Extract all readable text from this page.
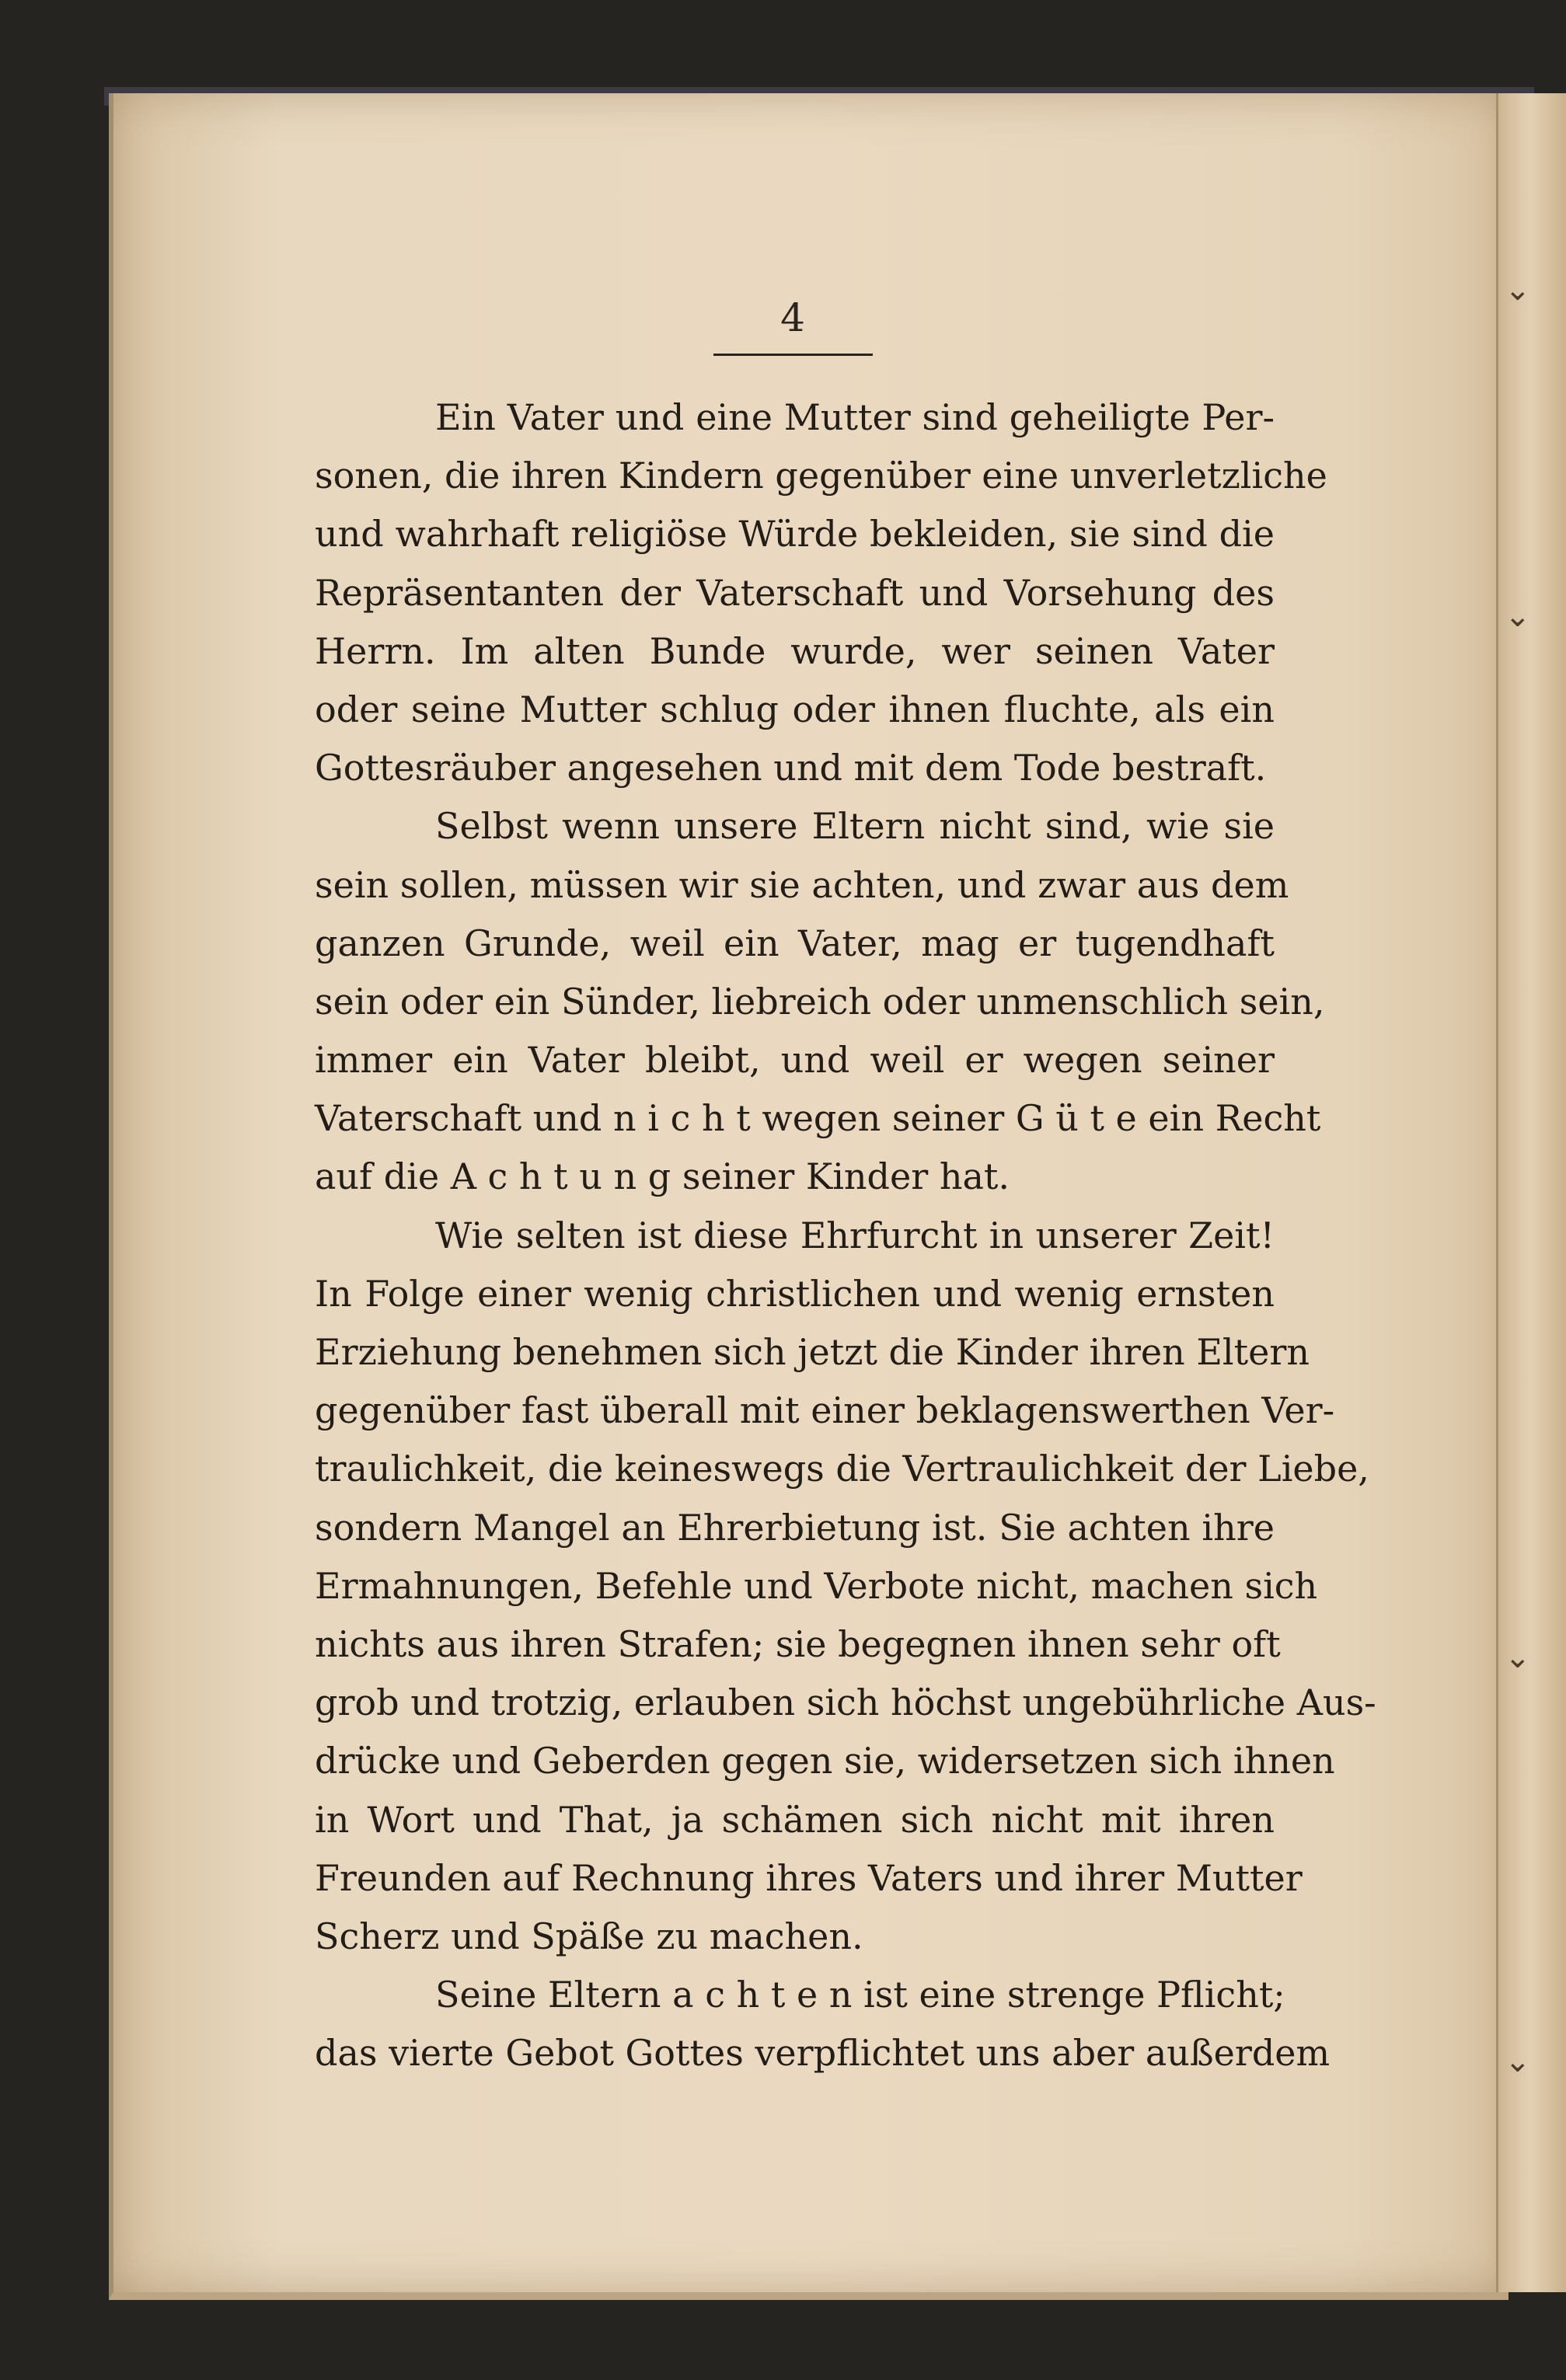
⌄
⌄
⌄
⌄
4
Ein Vater und eine Mutter sind geheiligte Per-
sonen, die ihren Kindern gegenüber eine unverletzliche
und wahrhaft religiöse Würde bekleiden, sie sind die
Repräsentanten der Vaterschaft und Vorsehung des
Herrn. Im alten Bunde wurde, wer seinen Vater
oder seine Mutter schlug oder ihnen fluchte, als ein
Gottesräuber angesehen und mit dem Tode bestraft.
Selbst wenn unsere Eltern nicht sind, wie sie
sein sollen, müssen wir sie achten, und zwar aus dem
ganzen Grunde, weil ein Vater, mag er tugendhaft
sein oder ein Sünder, liebreich oder unmenschlich sein,
immer ein Vater bleibt, und weil er wegen seiner
Vaterschaft und n i c h t wegen seiner G ü t e ein Recht
auf die A c h t u n g seiner Kinder hat.
Wie selten ist diese Ehrfurcht in unserer Zeit!
In Folge einer wenig christlichen und wenig ernsten
Erziehung benehmen sich jetzt die Kinder ihren Eltern
gegenüber fast überall mit einer beklagenswerthen Ver-
traulichkeit, die keineswegs die Vertraulichkeit der Liebe,
sondern Mangel an Ehrerbietung ist. Sie achten ihre
Ermahnungen, Befehle und Verbote nicht, machen sich
nichts aus ihren Strafen; sie begegnen ihnen sehr oft
grob und trotzig, erlauben sich höchst ungebührliche Aus-
drücke und Geberden gegen sie, widersetzen sich ihnen
in Wort und That, ja schämen sich nicht mit ihren
Freunden auf Rechnung ihres Vaters und ihrer Mutter
Scherz und Späße zu machen.
Seine Eltern a c h t e n ist eine strenge Pflicht;
das vierte Gebot Gottes verpflichtet uns aber außerdem
